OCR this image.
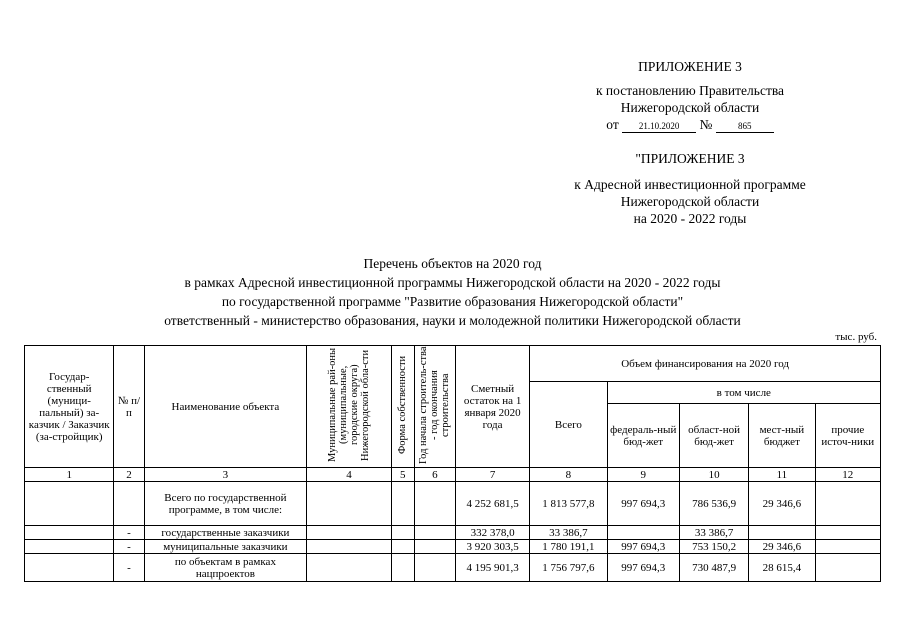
ПРИЛОЖЕНИЕ 3
к постановлению Правительства
Нижегородской области
от 21.10.2020 №	865
"ПРИЛОЖЕНИЕ 3
к Адресной инвестиционной программе
Нижегородской области
на 2020 - 2022 годы
Перечень объектов на 2020 год
в рамках Адресной инвестиционной программы Нижегородской области на 2020 - 2022 годы
по государственной программе "Развитие образования Нижегородской области"
ответственный - министерство образования, науки и молодежной политики Нижегородской области
тыс. руб.
Государ-ственный (муници-пальный) за-казчик / Заказчик (за-стройщик)	№ п/ п	Наименование объекта	Муниципальные рай-оны (муниципальные, городские округа) Нижегородской обла-сти	Форма собственности	Год начала строитель-ства - год окончания строительства	Сметный остаток на 1 января 2020 года	Объем финансирования на 2020 год				
							Всего	в том числе			
								федераль-ный бюд-жет	област-ной бюд-жет	мест-ный бюджет	прочие источ-ники
1	2	3	4	5	6	7	8	9	10	11	12
		Всего по государственной программе, в том числе:				4 252 681,5	1 813 577,8	997 694,3	786 536,9	29 346,6	
	-	государственные заказчики				332 378,0	33 386,7		33 386,7		
	-	муниципальные заказчики				3 920 303,5	1 780 191,1	997 694,3	753 150,2	29 346,6	
	-	по объектам в рамках нацпроектов				4 195 901,3	1 756 797,6	997 694,3	730 487,9	28 615,4	
